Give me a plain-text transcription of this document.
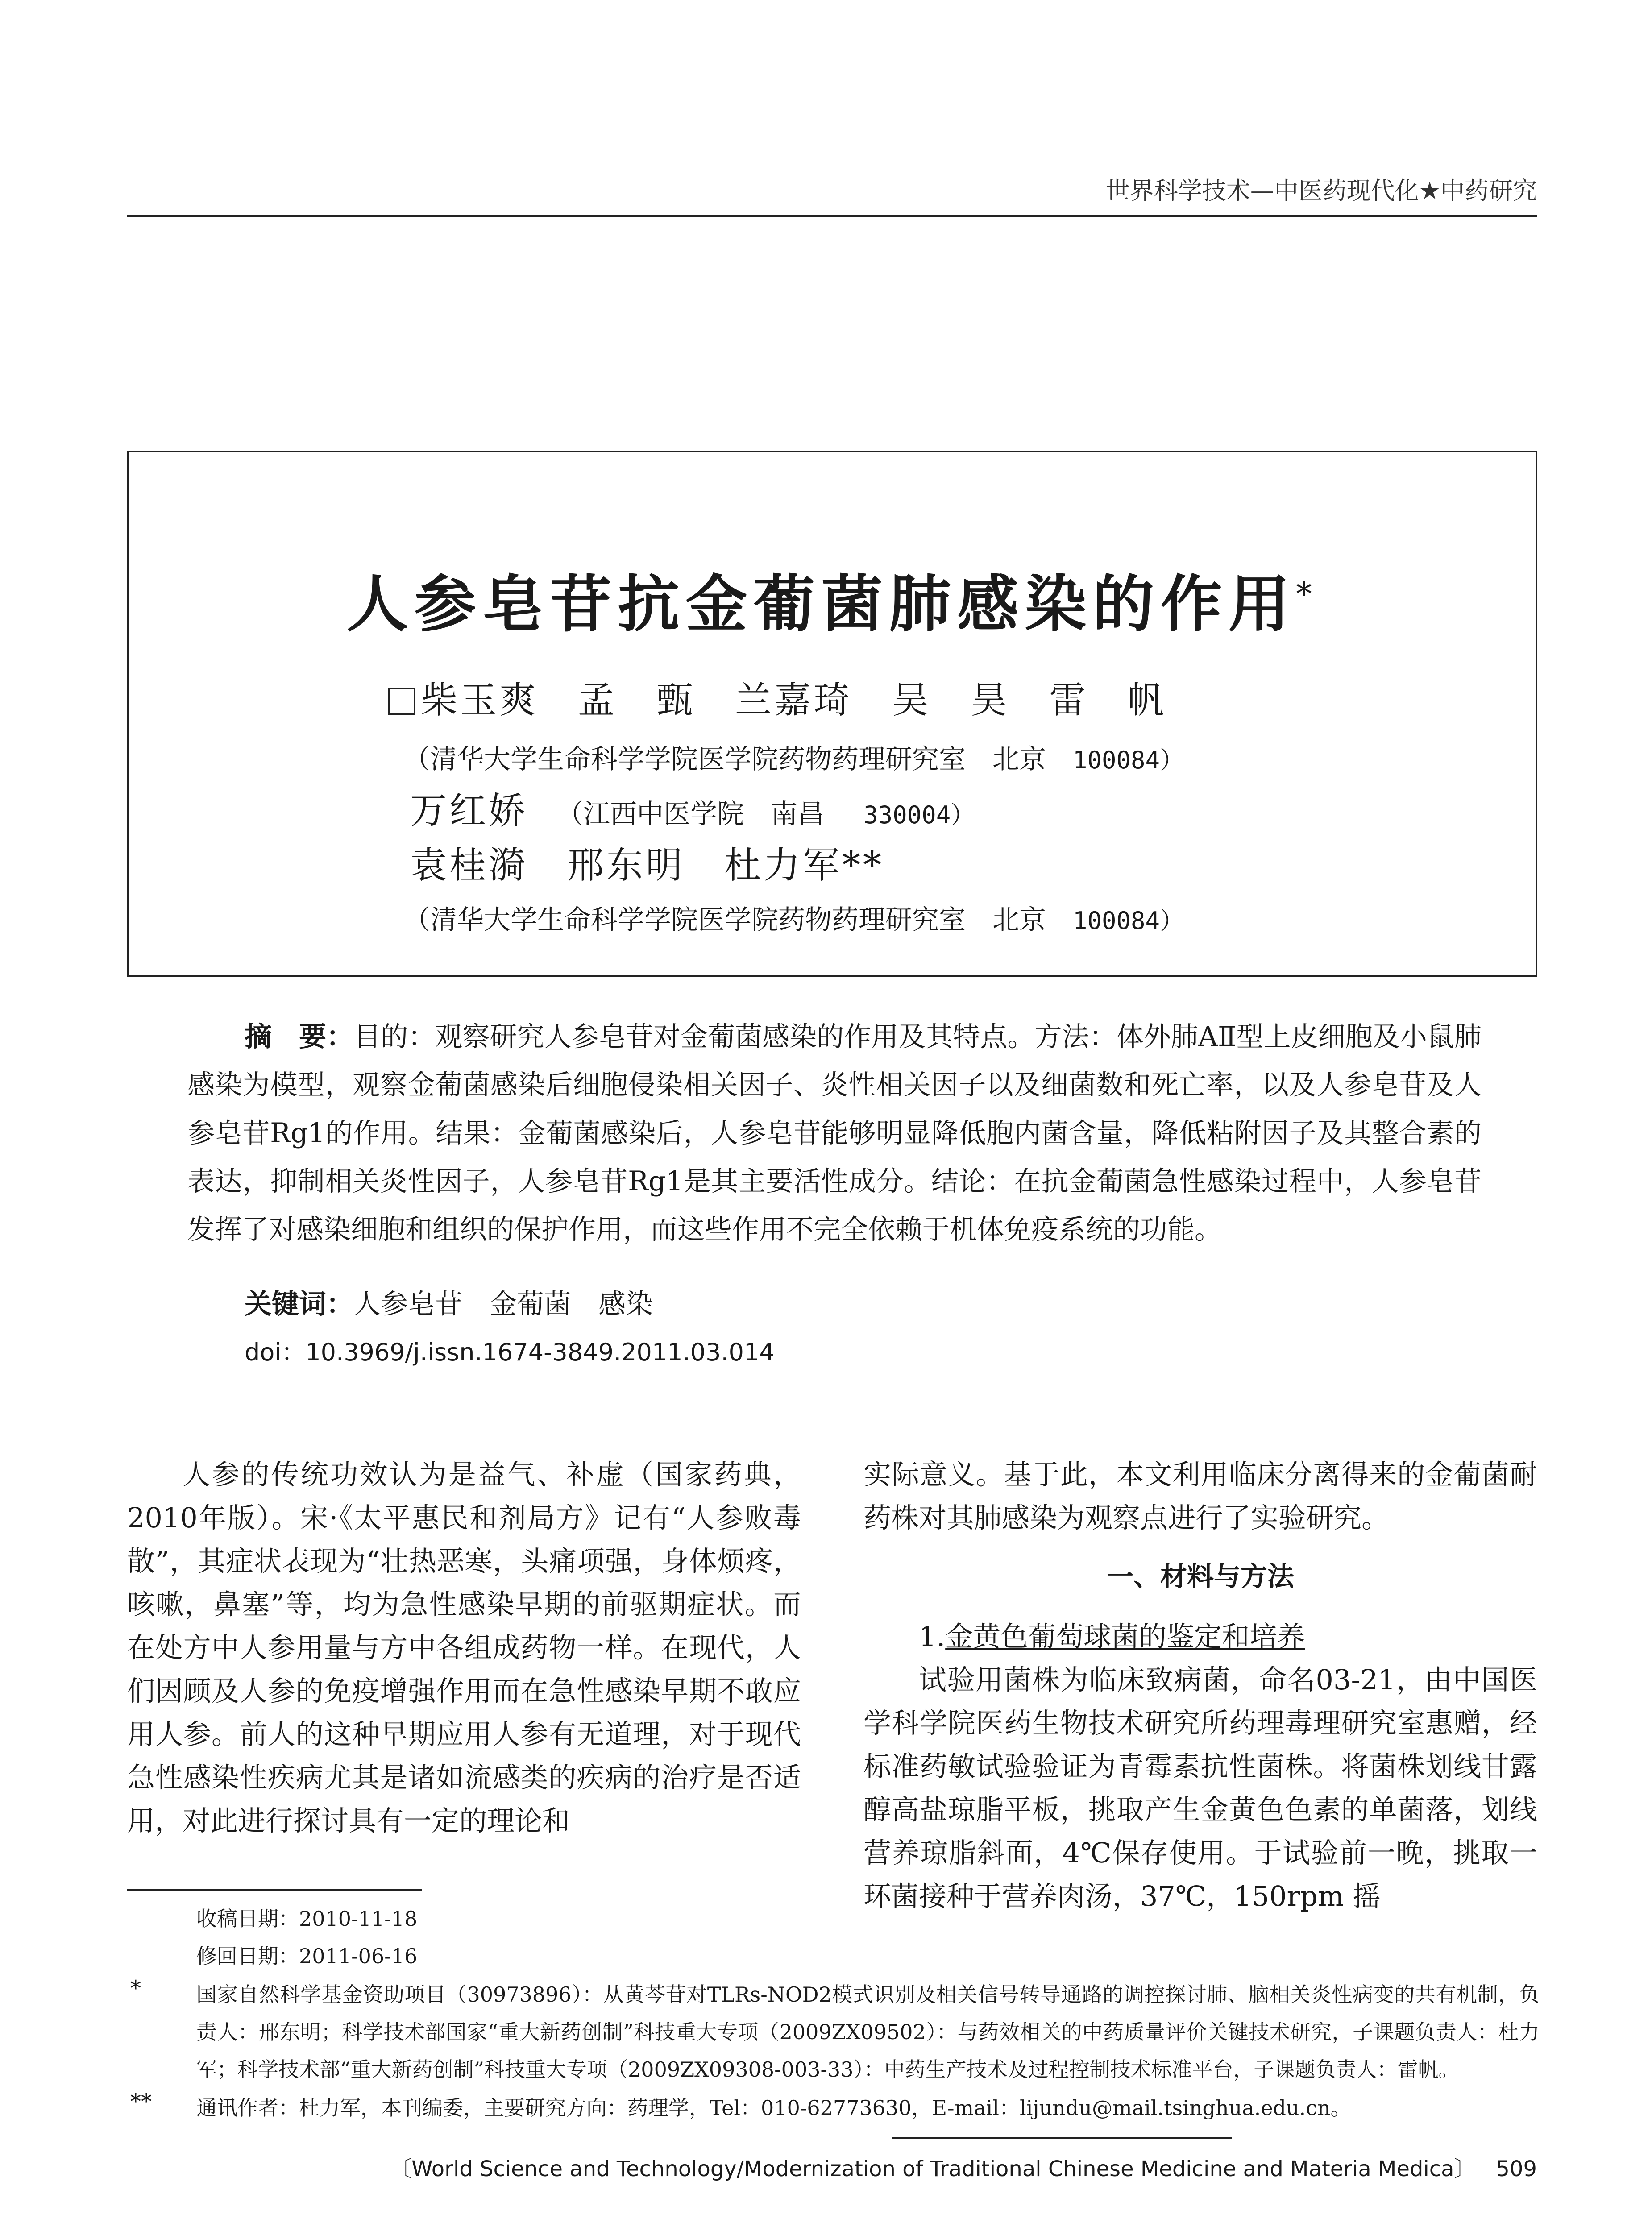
世界科学技术—中医药现代化★中药研究
人参皂苷抗金葡菌肺感染的作用*
柴玉爽　孟　甄　兰嘉琦　吴　昊　雷　帆
（清华大学生命科学学院医学院药物药理研究室　北京　 100084）
万红娇 （江西中医学院　南昌　 330004）
袁桂漪　邢东明　杜力军**
（清华大学生命科学学院医学院药物药理研究室　北京　 100084）
摘　要：目的：观察研究人参皂苷对金葡菌感染的作用及其特点。方法：体外肺AⅡ型上皮细胞及小鼠肺感染为模型，观察金葡菌感染后细胞侵染相关因子、炎性相关因子以及细菌数和死亡率，以及人参皂苷及人参皂苷Rg1的作用。结果：金葡菌感染后，人参皂苷能够明显降低胞内菌含量，降低粘附因子及其整合素的表达，抑制相关炎性因子，人参皂苷Rg1是其主要活性成分。结论：在抗金葡菌急性感染过程中，人参皂苷发挥了对感染细胞和组织的保护作用，而这些作用不完全依赖于机体免疫系统的功能。
关键词：人参皂苷　金葡菌　感染
doi：10.3969/j.issn.1674-3849.2011.03.014

人参的传统功效认为是益气、补虚（国家药典，2010年版）。宋·《太平惠民和剂局方》记有“人参败毒散”，其症状表现为“壮热恶寒，头痛项强，身体烦疼，咳嗽，鼻塞”等，均为急性感染早期的前驱期症状。而在处方中人参用量与方中各组成药物一样。在现代，人们因顾及人参的免疫增强作用而在急性感染早期不敢应用人参。前人的这种早期应用人参有无道理，对于现代急性感染性疾病尤其是诸如流感类的疾病的治疗是否适用，对此进行探讨具有一定的理论和

实际意义。基于此，本文利用临床分离得来的金葡菌耐药株对其肺感染为观察点进行了实验研究。

一、材料与方法

1.金黄色葡萄球菌的鉴定和培养

试验用菌株为临床致病菌，命名03-21，由中国医学科学院医药生物技术研究所药理毒理研究室惠赠，经标准药敏试验验证为青霉素抗性菌株。将菌株划线甘露醇高盐琼脂平板，挑取产生金黄色色素的单菌落，划线营养琼脂斜面，4℃保存使用。于试验前一晚，挑取一环菌接种于营养肉汤，37℃，150rpm 摇

收稿日期：2010-11-18
修回日期：2011-06-16
*	国家自然科学基金资助项目（30973896）：从黄芩苷对TLRs-NOD2模式识别及相关信号转导通路的调控探讨肺、脑相关炎性病变的共有机制，负责人：邢东明；科学技术部国家“重大新药创制”科技重大专项（2009ZX09502）：与药效相关的中药质量评价关键技术研究，子课题负责人：杜力军；科学技术部“重大新药创制”科技重大专项（2009ZX09308-003-33）：中药生产技术及过程控制技术标准平台，子课题负责人：雷帆。
** 通讯作者：杜力军，本刊编委，主要研究方向：药理学，Tel：010-62773630，E-mail：lijundu@mail.tsinghua.edu.cn。
〔World Science and Technology/Modernization of Traditional Chinese Medicine and Materia Medica〕 509
